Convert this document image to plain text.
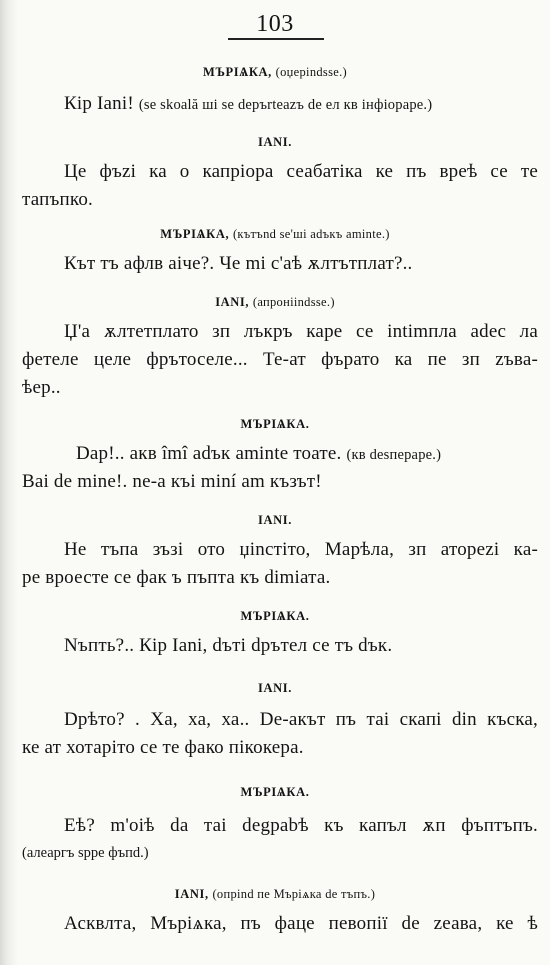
103
МЪРІѦКА, (оџерindsse.)
Кір Іаnі! (se skoală ші se depъrteazъ de ел кв інфіораре.)
ІАNІ.
Це фъzi ка о капріора сеабатіка ке пъ вреѣ се те
тапъпко.
МЪРІѦКА, (кътъnd se'ші adъкъ aminte.)
Кът тъ афлв аіче?. Че mi с'аѣ ѫлтътплат?..
ІАNІ, (апроніindsse.)
Џ'а ѫлтетплато зп лъкръ каре се іntimпла adec ла
фетеле целе фрътоселе... Те-ат фърато ка пе зп zъва-
ѣер..
МЪРІѦКА.
Dap!.. акв îmî adък aminte тоате. (кв desпераре.)
Ваі de mine!. ne-а къі miní am къзът!
ІАNІ.
Не тъпа зъзі ото џіnстіто, Марѣла, зп аторezі ка-
ре вроесте се фак ъ пъпта къ dimіата.
МЪРІѦКА.
Nъпть?.. Кір Іаnі, dъті dрътел се тъ dък.
ІАNІ.
Dрѣто? . Ха, ха, ха.. De-акът пъ таі скапі din къска,
ке ат хотаріто се те фако пікокера.
МЪРІѦКА.
Еѣ? m'оiѣ da таі degpаbѣ къ капъл ѫп фъптъпъ.
(алеаргъ spре фъпd.)
ІАNІ, (опріnd пе Мъріѧка de тъпъ.)
Асквлта, Мъріѧка, пъ фаце певопії de zеава, ке ѣ
